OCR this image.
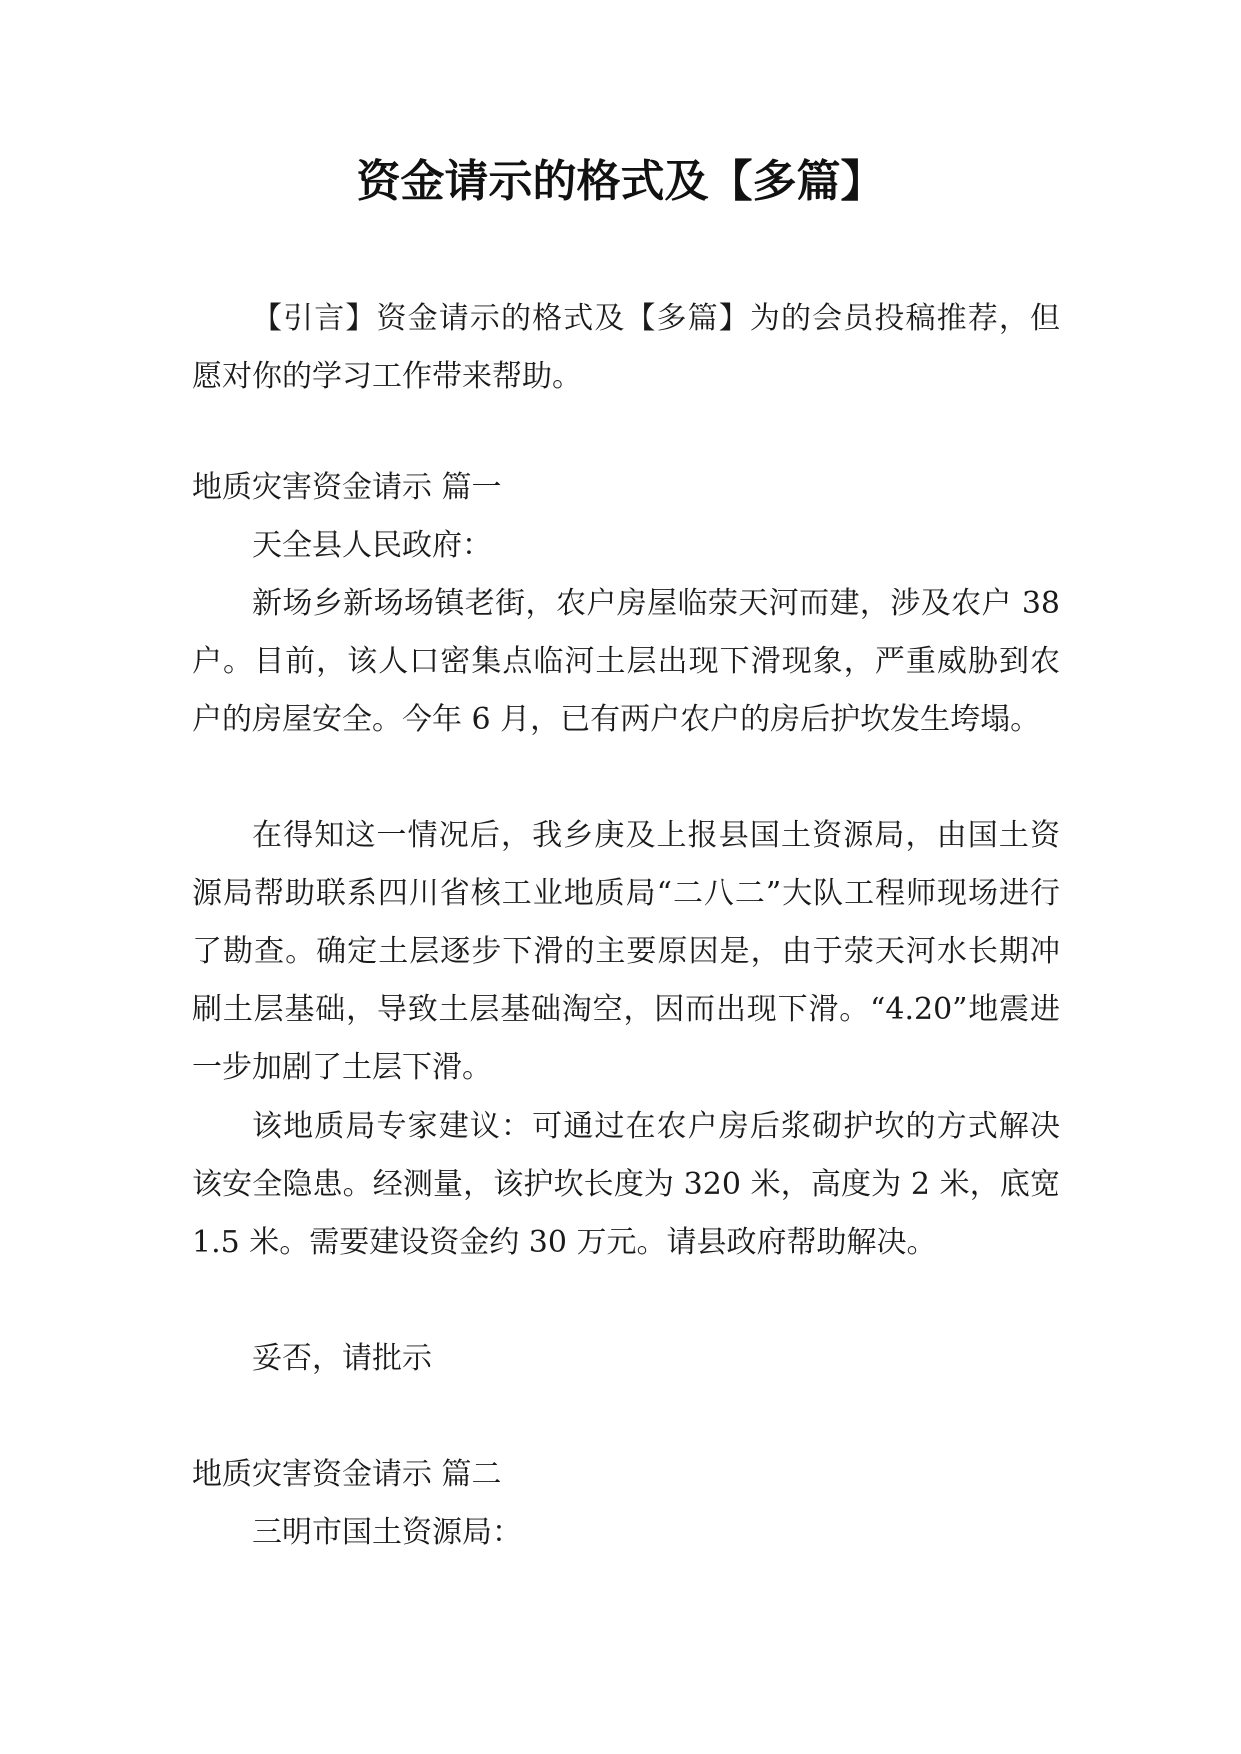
资金请示的格式及【多篇】

【引言】资金请示的格式及【多篇】为的会员投稿推荐，但愿对你的学习工作带来帮助。

地质灾害资金请示 篇一

天全县人民政府：

新场乡新场场镇老街，农户房屋临荥天河而建，涉及农户 38 户。目前，该人口密集点临河土层出现下滑现象，严重威胁到农户的房屋安全。今年 6 月，已有两户农户的房后护坎发生垮塌。

在得知这一情况后，我乡庚及上报县国土资源局，由国土资源局帮助联系四川省核工业地质局“二八二”大队工程师现场进行了勘查。确定土层逐步下滑的主要原因是，由于荥天河水长期冲刷土层基础，导致土层基础淘空，因而出现下滑。“4.20”地震进一步加剧了土层下滑。

该地质局专家建议：可通过在农户房后浆砌护坎的方式解决该安全隐患。经测量，该护坎长度为 320 米，高度为 2 米，底宽 1.5 米。需要建设资金约 30 万元。请县政府帮助解决。

妥否，请批示

地质灾害资金请示 篇二

三明市国土资源局：
